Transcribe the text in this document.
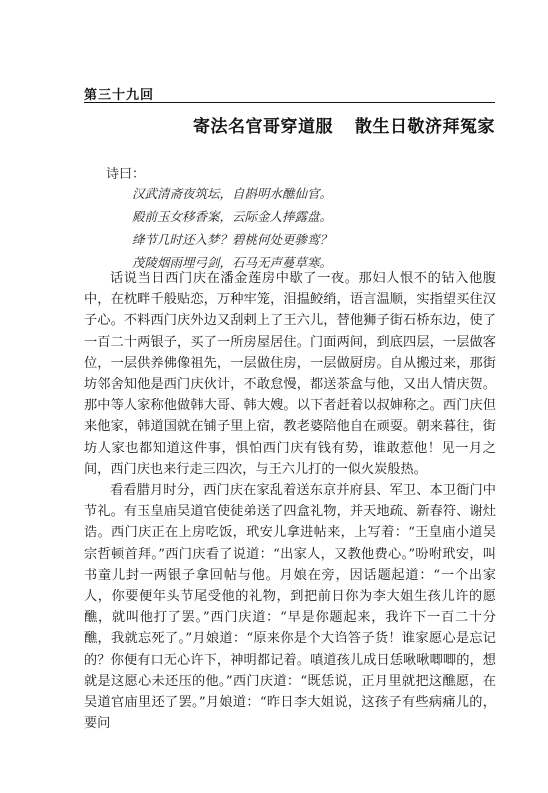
第三十九回
寄法名官哥穿道服 散生日敬济拜冤家
诗曰：
汉武清斋夜筑坛，自斟明水醮仙官。
殿前玉女移香案，云际金人捧露盘。
绛节几时还入梦？碧桃何处更骖鸾？
茂陵烟雨埋弓剑，石马无声蔓草寒。

话说当日西门庆在潘金莲房中歇了一夜。那妇人恨不的钻入他腹中，在枕畔千般贴恋，万种牢笼，泪揾鲛绡，语言温顺，实指望买住汉子心。不料西门庆外边又刮剌上了王六儿，替他狮子街石桥东边，使了一百二十两银子，买了一所房屋居住。门面两间，到底四层，一层做客位，一层供养佛像祖先，一层做住房，一层做厨房。自从搬过来，那街坊邻舍知他是西门庆伙计，不敢怠慢，都送茶盒与他，又出人情庆贺。那中等人家称他做韩大哥、韩大嫂。以下者赶着以叔婶称之。西门庆但来他家，韩道国就在铺子里上宿，教老婆陪他自在顽耍。朝来暮往，街坊人家也都知道这件事，惧怕西门庆有钱有势，谁敢惹他！见一月之间，西门庆也来行走三四次，与王六儿打的一似火炭般热。

看看腊月时分，西门庆在家乱着送东京并府县、军卫、本卫衙门中节礼。有玉皇庙吴道官使徒弟送了四盒礼物，并天地疏、新春符、谢灶诰。西门庆正在上房吃饭，玳安儿拿进帖来，上写着：“王皇庙小道吴宗哲顿首拜。”西门庆看了说道：“出家人，又教他费心。”吩咐玳安，叫书童儿封一两银子拿回帖与他。月娘在旁，因话题起道：“一个出家人，你要便年头节尾受他的礼物，到把前日你为李大姐生孩儿许的愿醮，就叫他打了罢。”西门庆道：“早是你题起来，我许下一百二十分醮，我就忘死了。”月娘道：“原来你是个大诌答子货！谁家愿心是忘记的？你便有口无心许下，神明都记着。嗔道孩儿成日恁啾啾唧唧的，想就是这愿心未还压的他。”西门庆道：“既恁说，正月里就把这醮愿，在吴道官庙里还了罢。”月娘道：“昨日李大姐说，这孩子有些病痛儿的，要问
